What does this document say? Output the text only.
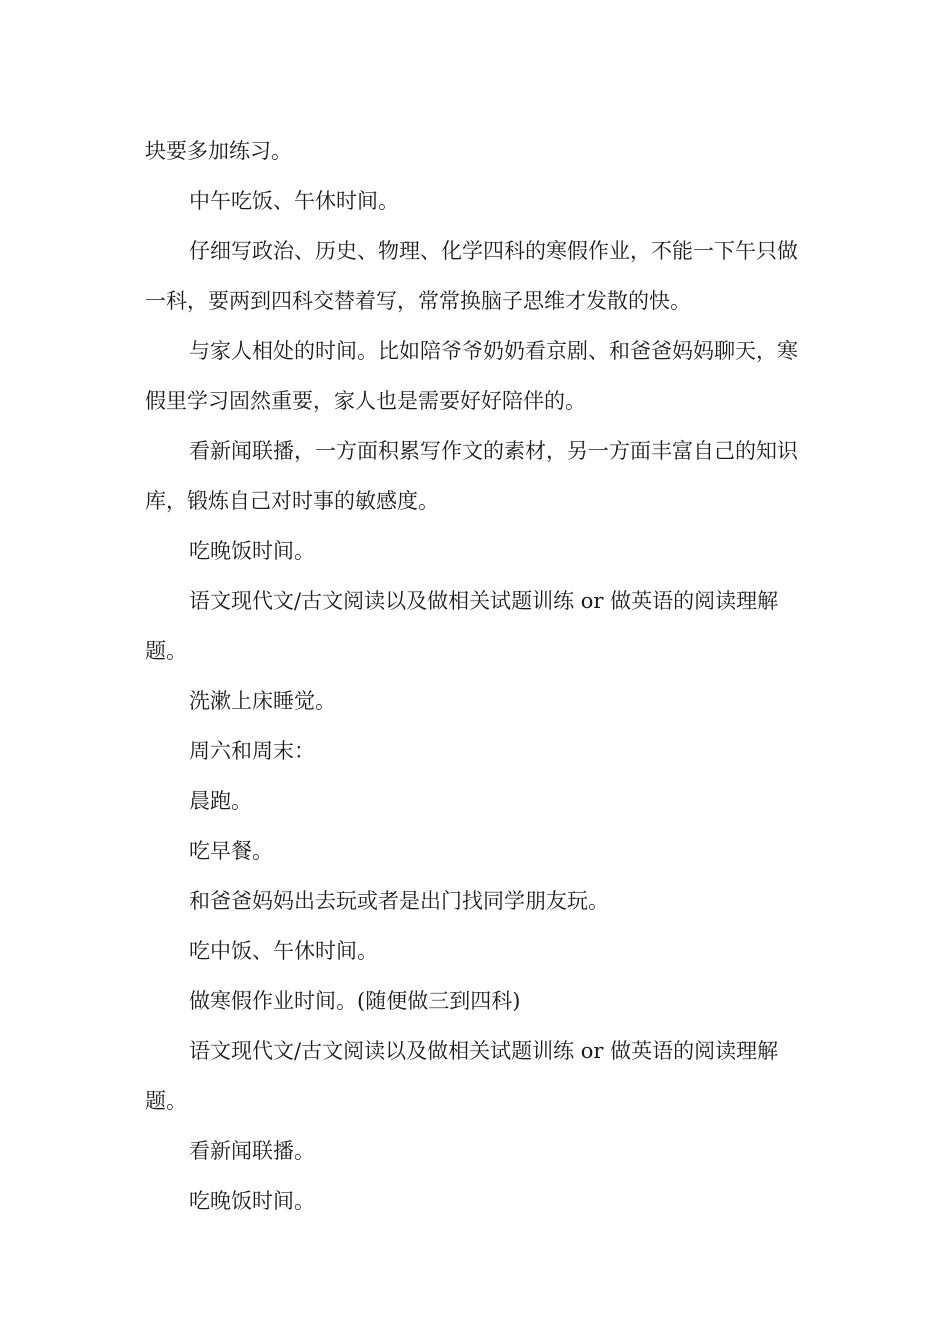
块要多加练习。

中午吃饭、午休时间。

仔细写政治、历史、物理、化学四科的寒假作业，不能一下午只做一科，要两到四科交替着写，常常换脑子思维才发散的快。

与家人相处的时间。比如陪爷爷奶奶看京剧、和爸爸妈妈聊天，寒假里学习固然重要，家人也是需要好好陪伴的。

看新闻联播，一方面积累写作文的素材，另一方面丰富自己的知识库，锻炼自己对时事的敏感度。

吃晚饭时间。

语文现代文/古文阅读以及做相关试题训练 or 做英语的阅读理解题。

洗漱上床睡觉。

周六和周末：

晨跑。

吃早餐。

和爸爸妈妈出去玩或者是出门找同学朋友玩。

吃中饭、午休时间。

做寒假作业时间。(随便做三到四科)

语文现代文/古文阅读以及做相关试题训练 or 做英语的阅读理解题。

看新闻联播。

吃晚饭时间。
